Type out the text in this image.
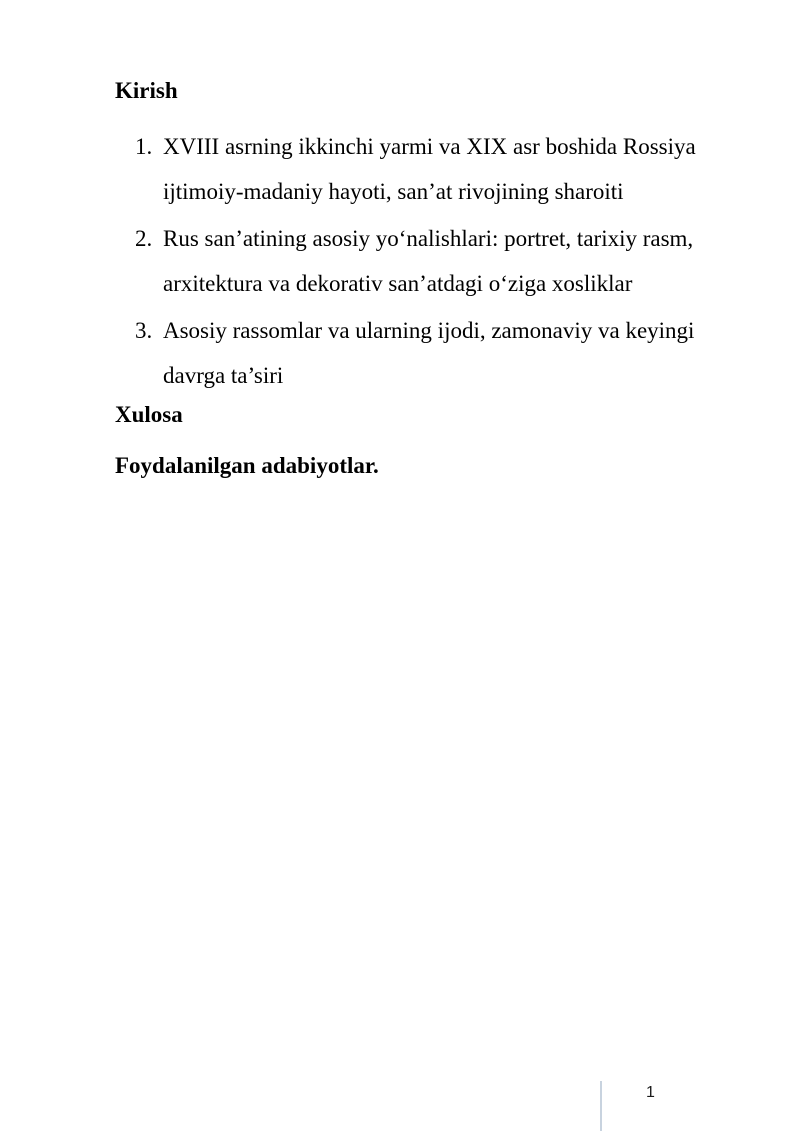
Kirish
1. XVIII asrning ikkinchi yarmi va XIX asr boshida Rossiya ijtimoiy-madaniy hayoti, san’at rivojining sharoiti
2. Rus san’atining asosiy yo‘nalishlari: portret, tarixiy rasm, arxitektura va dekorativ san’atdagi o‘ziga xosliklar
3. Asosiy rassomlar va ularning ijodi, zamonaviy va keyingi davrga ta’siri
Xulosa
Foydalanilgan adabiyotlar.
1
